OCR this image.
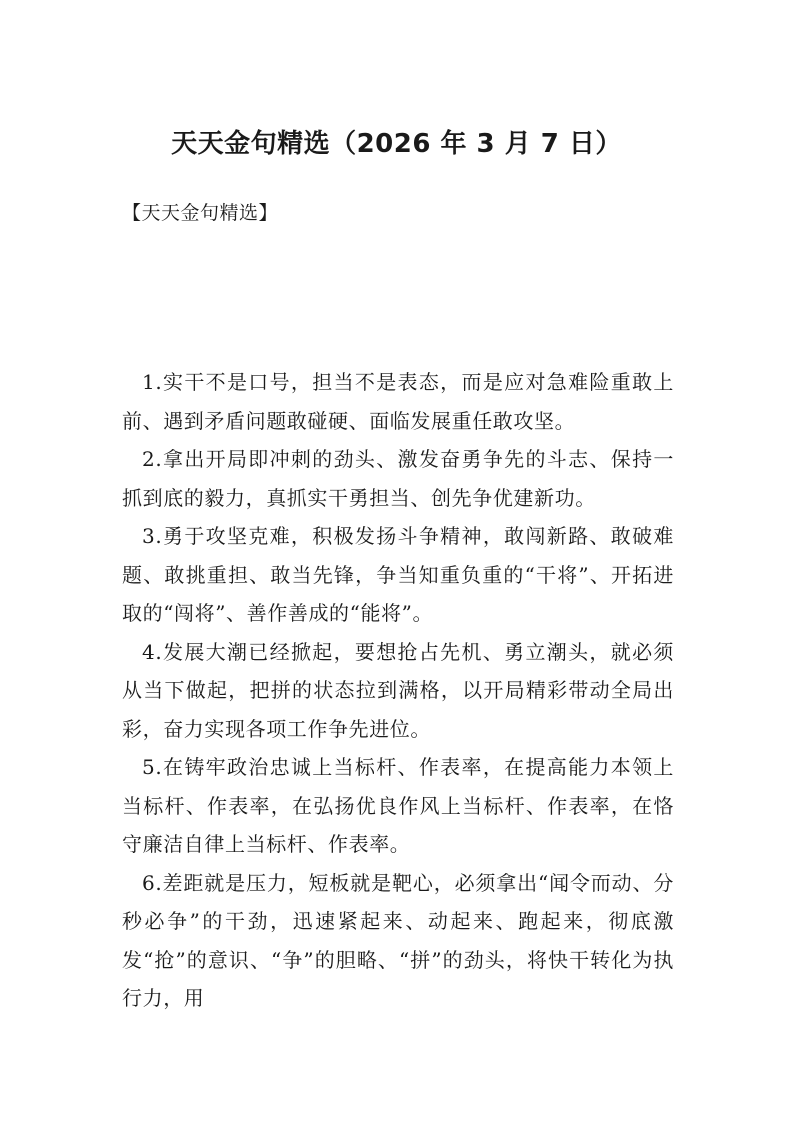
天天金句精选（2026 年 3 月 7 日）

【天天金句精选】

1.实干不是口号，担当不是表态，而是应对急难险重敢上前、遇到矛盾问题敢碰硬、面临发展重任敢攻坚。

2.拿出开局即冲刺的劲头、激发奋勇争先的斗志、保持一抓到底的毅力，真抓实干勇担当、创先争优建新功。

3.勇于攻坚克难，积极发扬斗争精神，敢闯新路、敢破难题、敢挑重担、敢当先锋，争当知重负重的“干将”、开拓进取的“闯将”、善作善成的“能将”。

4.发展大潮已经掀起，要想抢占先机、勇立潮头，就必须从当下做起，把拼的状态拉到满格，以开局精彩带动全局出彩，奋力实现各项工作争先进位。

5.在铸牢政治忠诚上当标杆、作表率，在提高能力本领上当标杆、作表率，在弘扬优良作风上当标杆、作表率，在恪守廉洁自律上当标杆、作表率。

6.差距就是压力，短板就是靶心，必须拿出“闻令而动、分秒必争”的干劲，迅速紧起来、动起来、跑起来，彻底激发“抢”的意识、“争”的胆略、“拼”的劲头，将快干转化为执行力，用
